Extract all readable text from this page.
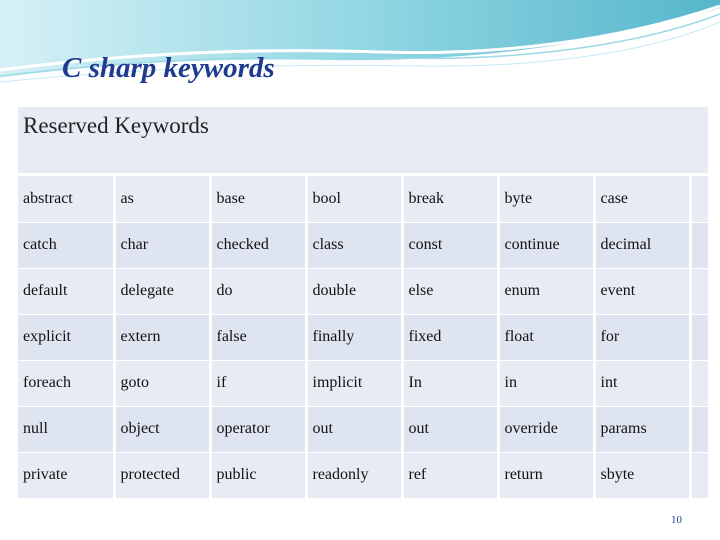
C sharp keywords
Reserved Keywords
abstract	as	base	bool	break	byte	case	
catch	char	checked	class	const	continue	decimal	
default	delegate	do	double	else	enum	event	
explicit	extern	false	finally	fixed	float	for	
foreach	goto	if	implicit	In	in	int	
null	object	operator	out	out	override	params	
private	protected	public	readonly	ref	return	sbyte	
10
